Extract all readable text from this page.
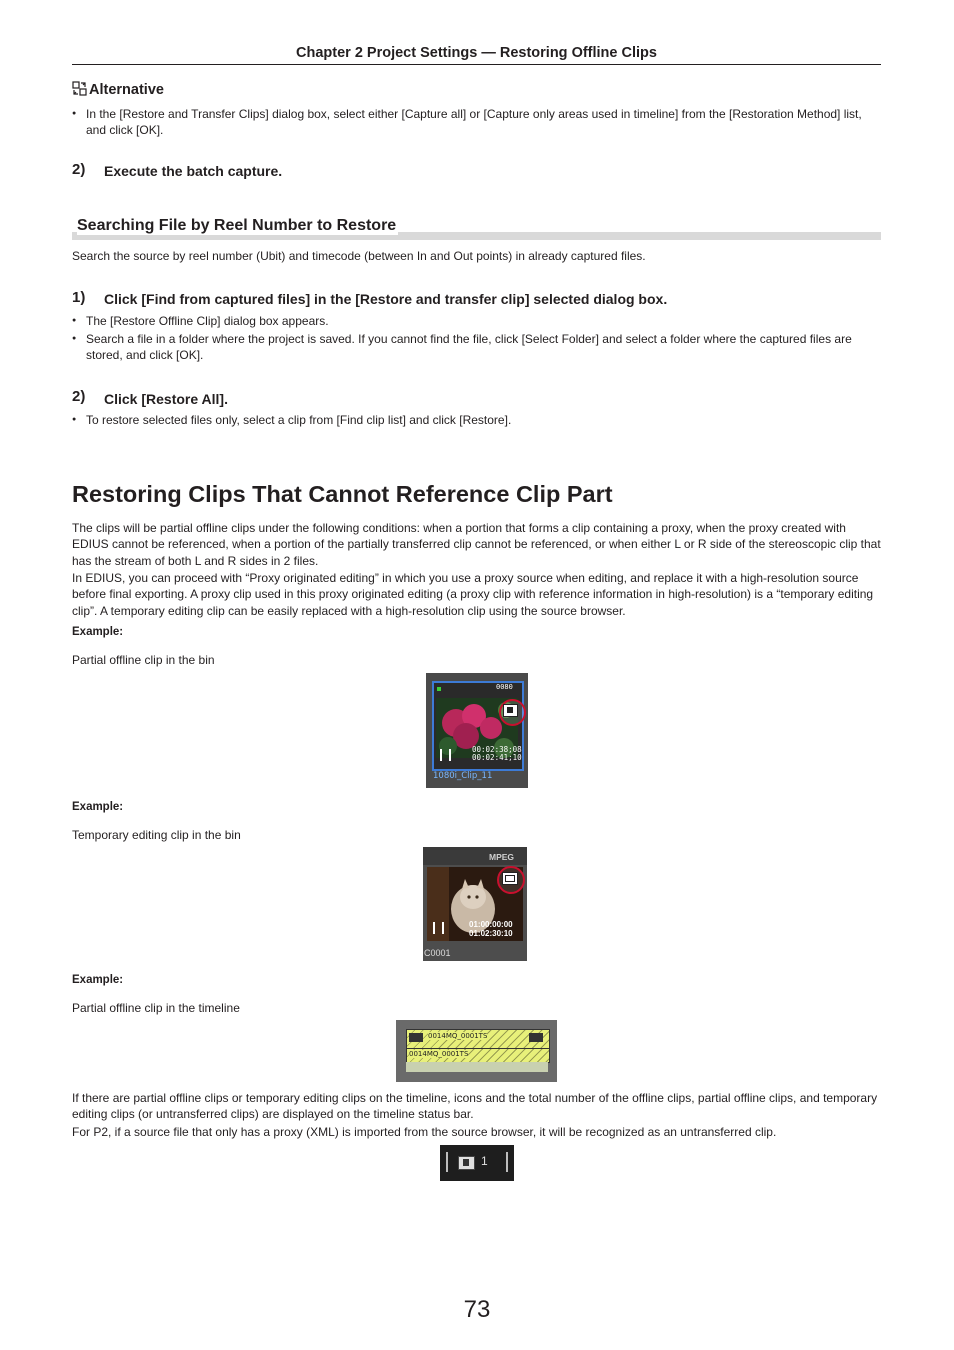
Chapter 2 Project Settings — Restoring Offline Clips
Alternative
● In the [Restore and Transfer Clips] dialog box, select either [Capture all] or [Capture only areas used in timeline] from the [Restoration Method] list, and click [OK].
2) Execute the batch capture.
Searching File by Reel Number to Restore
Search the source by reel number (Ubit) and timecode (between In and Out points) in already captured files.
1) Click [Find from captured files] in the [Restore and transfer clip] selected dialog box.
● The [Restore Offline Clip] dialog box appears.
● Search a file in a folder where the project is saved. If you cannot find the file, click [Select Folder] and select a folder where the captured files are stored, and click [OK].
2) Click [Restore All].
● To restore selected files only, select a clip from [Find clip list] and click [Restore].
Restoring Clips That Cannot Reference Clip Part
The clips will be partial offline clips under the following conditions: when a portion that forms a clip containing a proxy, when the proxy created with EDIUS cannot be referenced, when a portion of the partially transferred clip cannot be referenced, or when either L or R side of the stereoscopic clip that has the stream of both L and R sides in 2 files.
In EDIUS, you can proceed with “Proxy originated editing” in which you use a proxy source when editing, and replace it with a high-resolution source before final exporting. A proxy clip used in this proxy originated editing (a proxy clip with reference information in high-resolution) is a “temporary editing clip”. A temporary editing clip can be easily replaced with a high-resolution clip using the source browser.
Example:
Partial offline clip in the bin
0080
00:02:38;08
00:02:41;10
1080i_Clip_11
Example:
Temporary editing clip in the bin
MPEG
01:00:00:00
01:02:30:10
C0001
Example:
Partial offline clip in the timeline
0014MQ_0001TS
0014MQ_0001TS
If there are partial offline clips or temporary editing clips on the timeline, icons and the total number of the offline clips, partial offline clips, and temporary editing clips (or untransferred clips) are displayed on the timeline status bar.
For P2, if a source file that only has a proxy (XML) is imported from the source browser, it will be recognized as an untransferred clip.
1
73
